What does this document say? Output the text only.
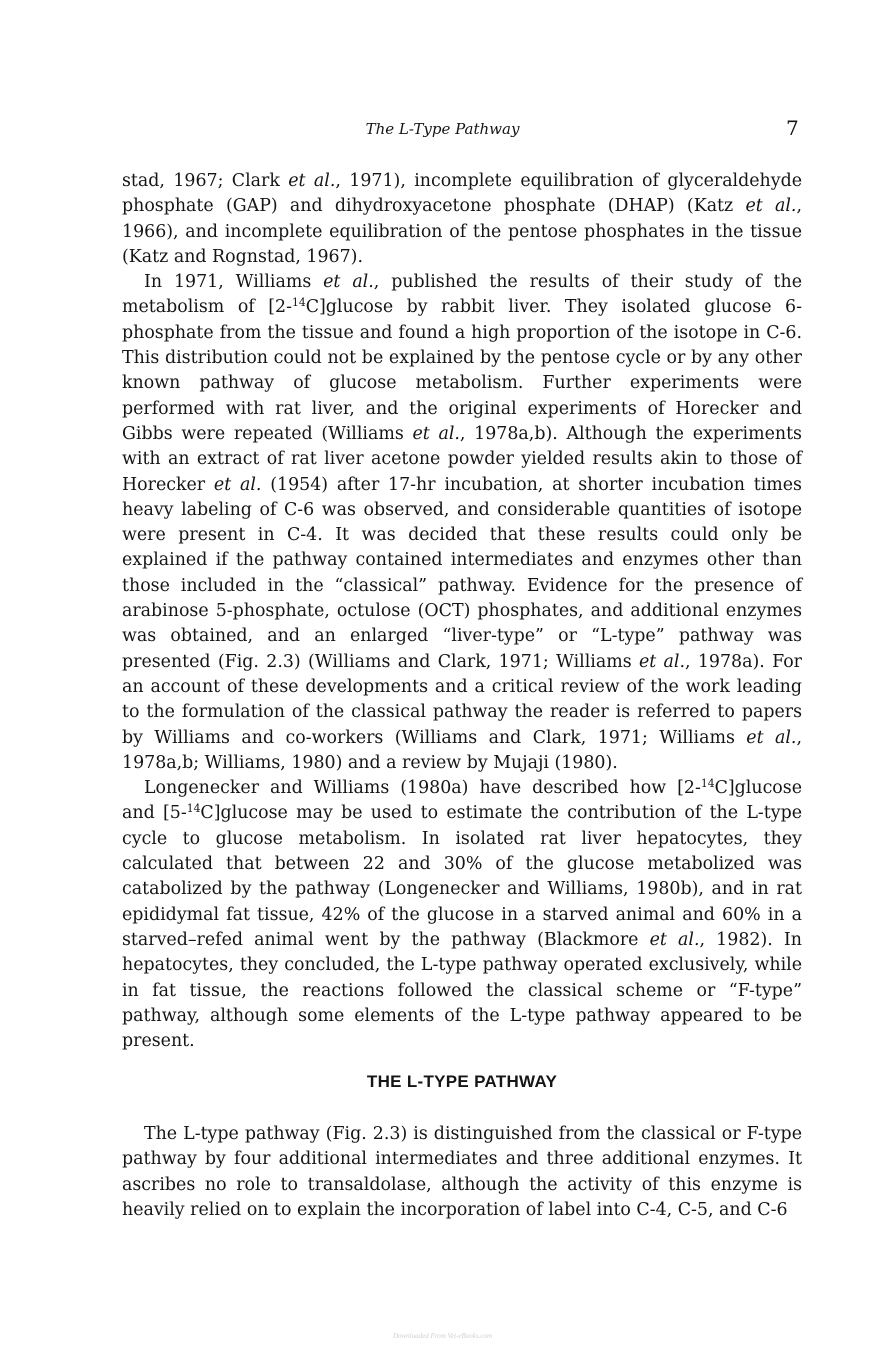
The L-Type Pathway	7

stad, 1967; Clark et al., 1971), incomplete equilibration of glyceraldehyde phosphate (GAP) and dihydroxyacetone phosphate (DHAP) (Katz et al., 1966), and incomplete equilibration of the pentose phosphates in the tissue (Katz and Rognstad, 1967).

In 1971, Williams et al., published the results of their study of the metabolism of [2-$^{14}$C]glucose by rabbit liver. They isolated glucose 6-phosphate from the tissue and found a high proportion of the isotope in C-6. This distribution could not be explained by the pentose cycle or by any other known pathway of glucose metabolism. Further experiments were performed with rat liver, and the original experiments of Horecker and Gibbs were repeated (Williams et al., 1978a,b). Although the experiments with an extract of rat liver acetone powder yielded results akin to those of Horecker et al. (1954) after 17-hr incubation, at shorter incubation times heavy labeling of C-6 was observed, and considerable quantities of isotope were present in C-4. It was decided that these results could only be explained if the pathway contained intermediates and enzymes other than those included in the “classical” pathway. Evidence for the presence of arabinose 5-phosphate, octulose (OCT) phosphates, and additional enzymes was obtained, and an enlarged “liver-type” or “L-type” pathway was presented (Fig. 2.3) (Williams and Clark, 1971; Williams et al., 1978a). For an account of these developments and a critical review of the work leading to the formulation of the classical pathway the reader is referred to papers by Williams and co-workers (Williams and Clark, 1971; Williams et al., 1978a,b; Williams, 1980) and a review by Mujaji (1980).

Longenecker and Williams (1980a) have described how [2-$^{14}$C]glucose and [5-$^{14}$C]glucose may be used to estimate the contribution of the L-type cycle to glucose metabolism. In isolated rat liver hepatocytes, they calculated that between 22 and 30% of the glucose metabolized was catabolized by the pathway (Longenecker and Williams, 1980b), and in rat epididymal fat tissue, 42% of the glucose in a starved animal and 60% in a starved–refed animal went by the pathway (Blackmore et al., 1982). In hepatocytes, they concluded, the L-type pathway operated exclusively, while in fat tissue, the reactions followed the classical scheme or “F-type” pathway, although some elements of the L-type pathway appeared to be present.

THE L-TYPE PATHWAY

The L-type pathway (Fig. 2.3) is distinguished from the classical or F-type pathway by four additional intermediates and three additional enzymes. It ascribes no role to transaldolase, although the activity of this enzyme is heavily relied on to explain the incorporation of label into C-4, C-5, and C-6

Downloaded From Vet-eBooks.com
